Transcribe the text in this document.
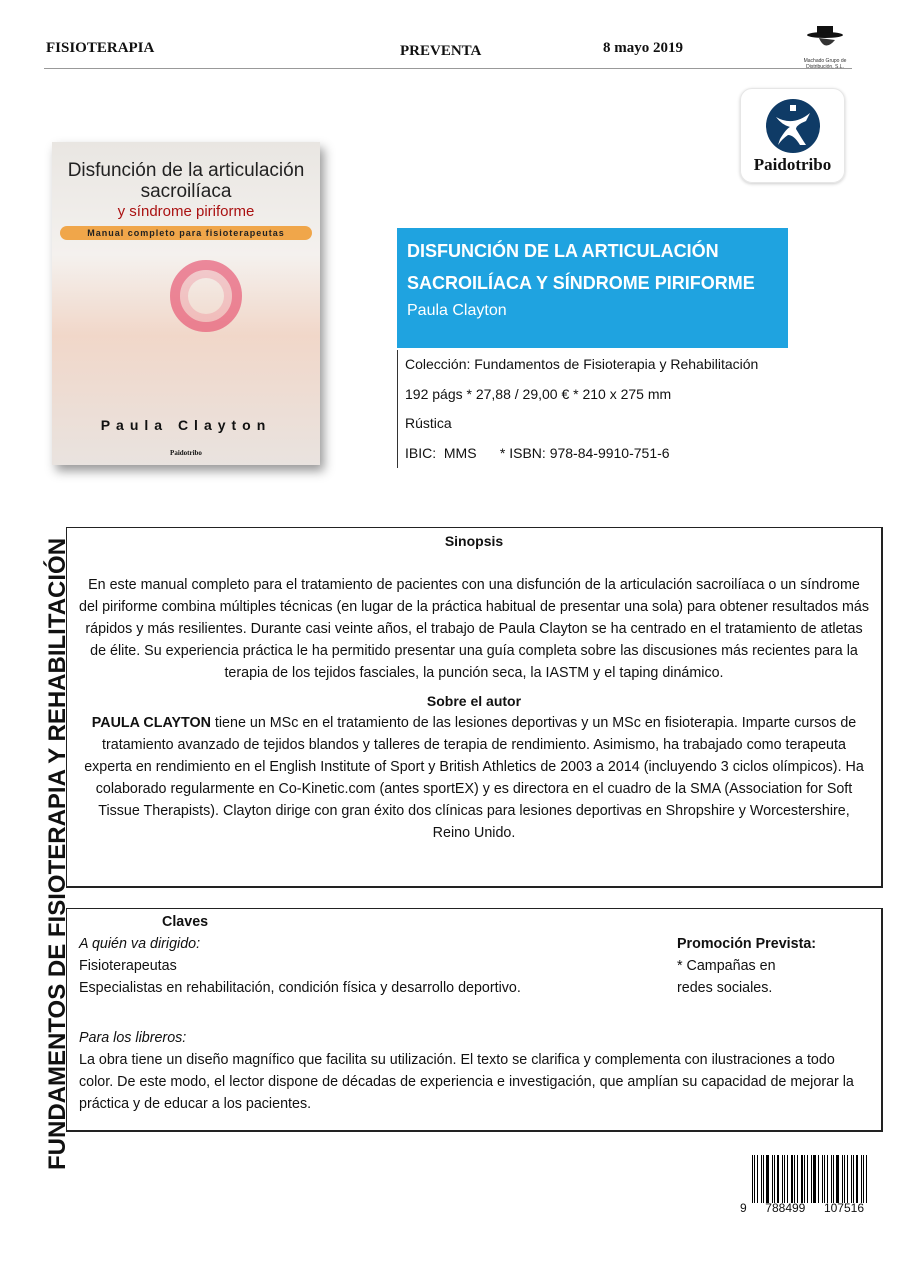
FISIOTERAPIA	PREVENTA	8 mayo 2019
Machado Grupo de Distribución, S.L.
Paidotribo
Disfunción de la articulación sacroilíaca
y síndrome piriforme
Manual completo para fisioterapeutas
Paula Clayton
Paidotribo
DISFUNCIÓN DE LA ARTICULACIÓN
SACROILÍACA Y SÍNDROME PIRIFORME
Paula Clayton
Colección: Fundamentos de Fisioterapia y Rehabilitación
192 págs * 27,88 / 29,00 € * 210 x 275 mm
Rústica
IBIC:  MMS      * ISBN: 978-84-9910-751-6
FUNDAMENTOS DE FISIOTERAPIA Y REHABILITACIÓN	Sinopsis

En este manual completo para el tratamiento de pacientes con una disfunción de la articulación sacroilíaca o un síndrome del piriforme combina múltiples técnicas (en lugar de la práctica habitual de presentar una sola) para obtener resultados más rápidos y más resilientes. Durante casi veinte años, el trabajo de Paula Clayton se ha centrado en el tratamiento de atletas de élite. Su experiencia práctica le ha permitido presentar una guía completa sobre las discusiones más recientes para la terapia de los tejidos fasciales, la punción seca, la IASTM y el taping dinámico.

Sobre el autor

PAULA CLAYTON tiene un MSc en el tratamiento de las lesiones deportivas y un MSc en fisioterapia. Imparte cursos de tratamiento avanzado de tejidos blandos y talleres de terapia de rendimiento. Asimismo, ha trabajado como terapeuta experta en rendimiento en el English Institute of Sport y British Athletics de 2003 a 2014 (incluyendo 3 ciclos olímpicos). Ha colaborado regularmente en Co-Kinetic.com (antes sportEX) y es directora en el cuadro de la SMA (Association for Soft Tissue Therapists). Clayton dirige con gran éxito dos clínicas para lesiones deportivas en Shropshire y Worcestershire, Reino Unido.

Claves
Promoción Prevista:
* Campañas en
redes sociales.
A quién va dirigido:
Fisioterapeutas
Especialistas en rehabilitación, condición física y desarrollo deportivo.
Para los libreros:
La obra tiene un diseño magnífico que facilita su utilización. El texto se clarifica y complementa con ilustraciones a todo color. De este modo, el lector dispone de décadas de experiencia e investigación, que amplían su capacidad de mejorar la práctica y de educar a los pacientes.
9 788499 107516
